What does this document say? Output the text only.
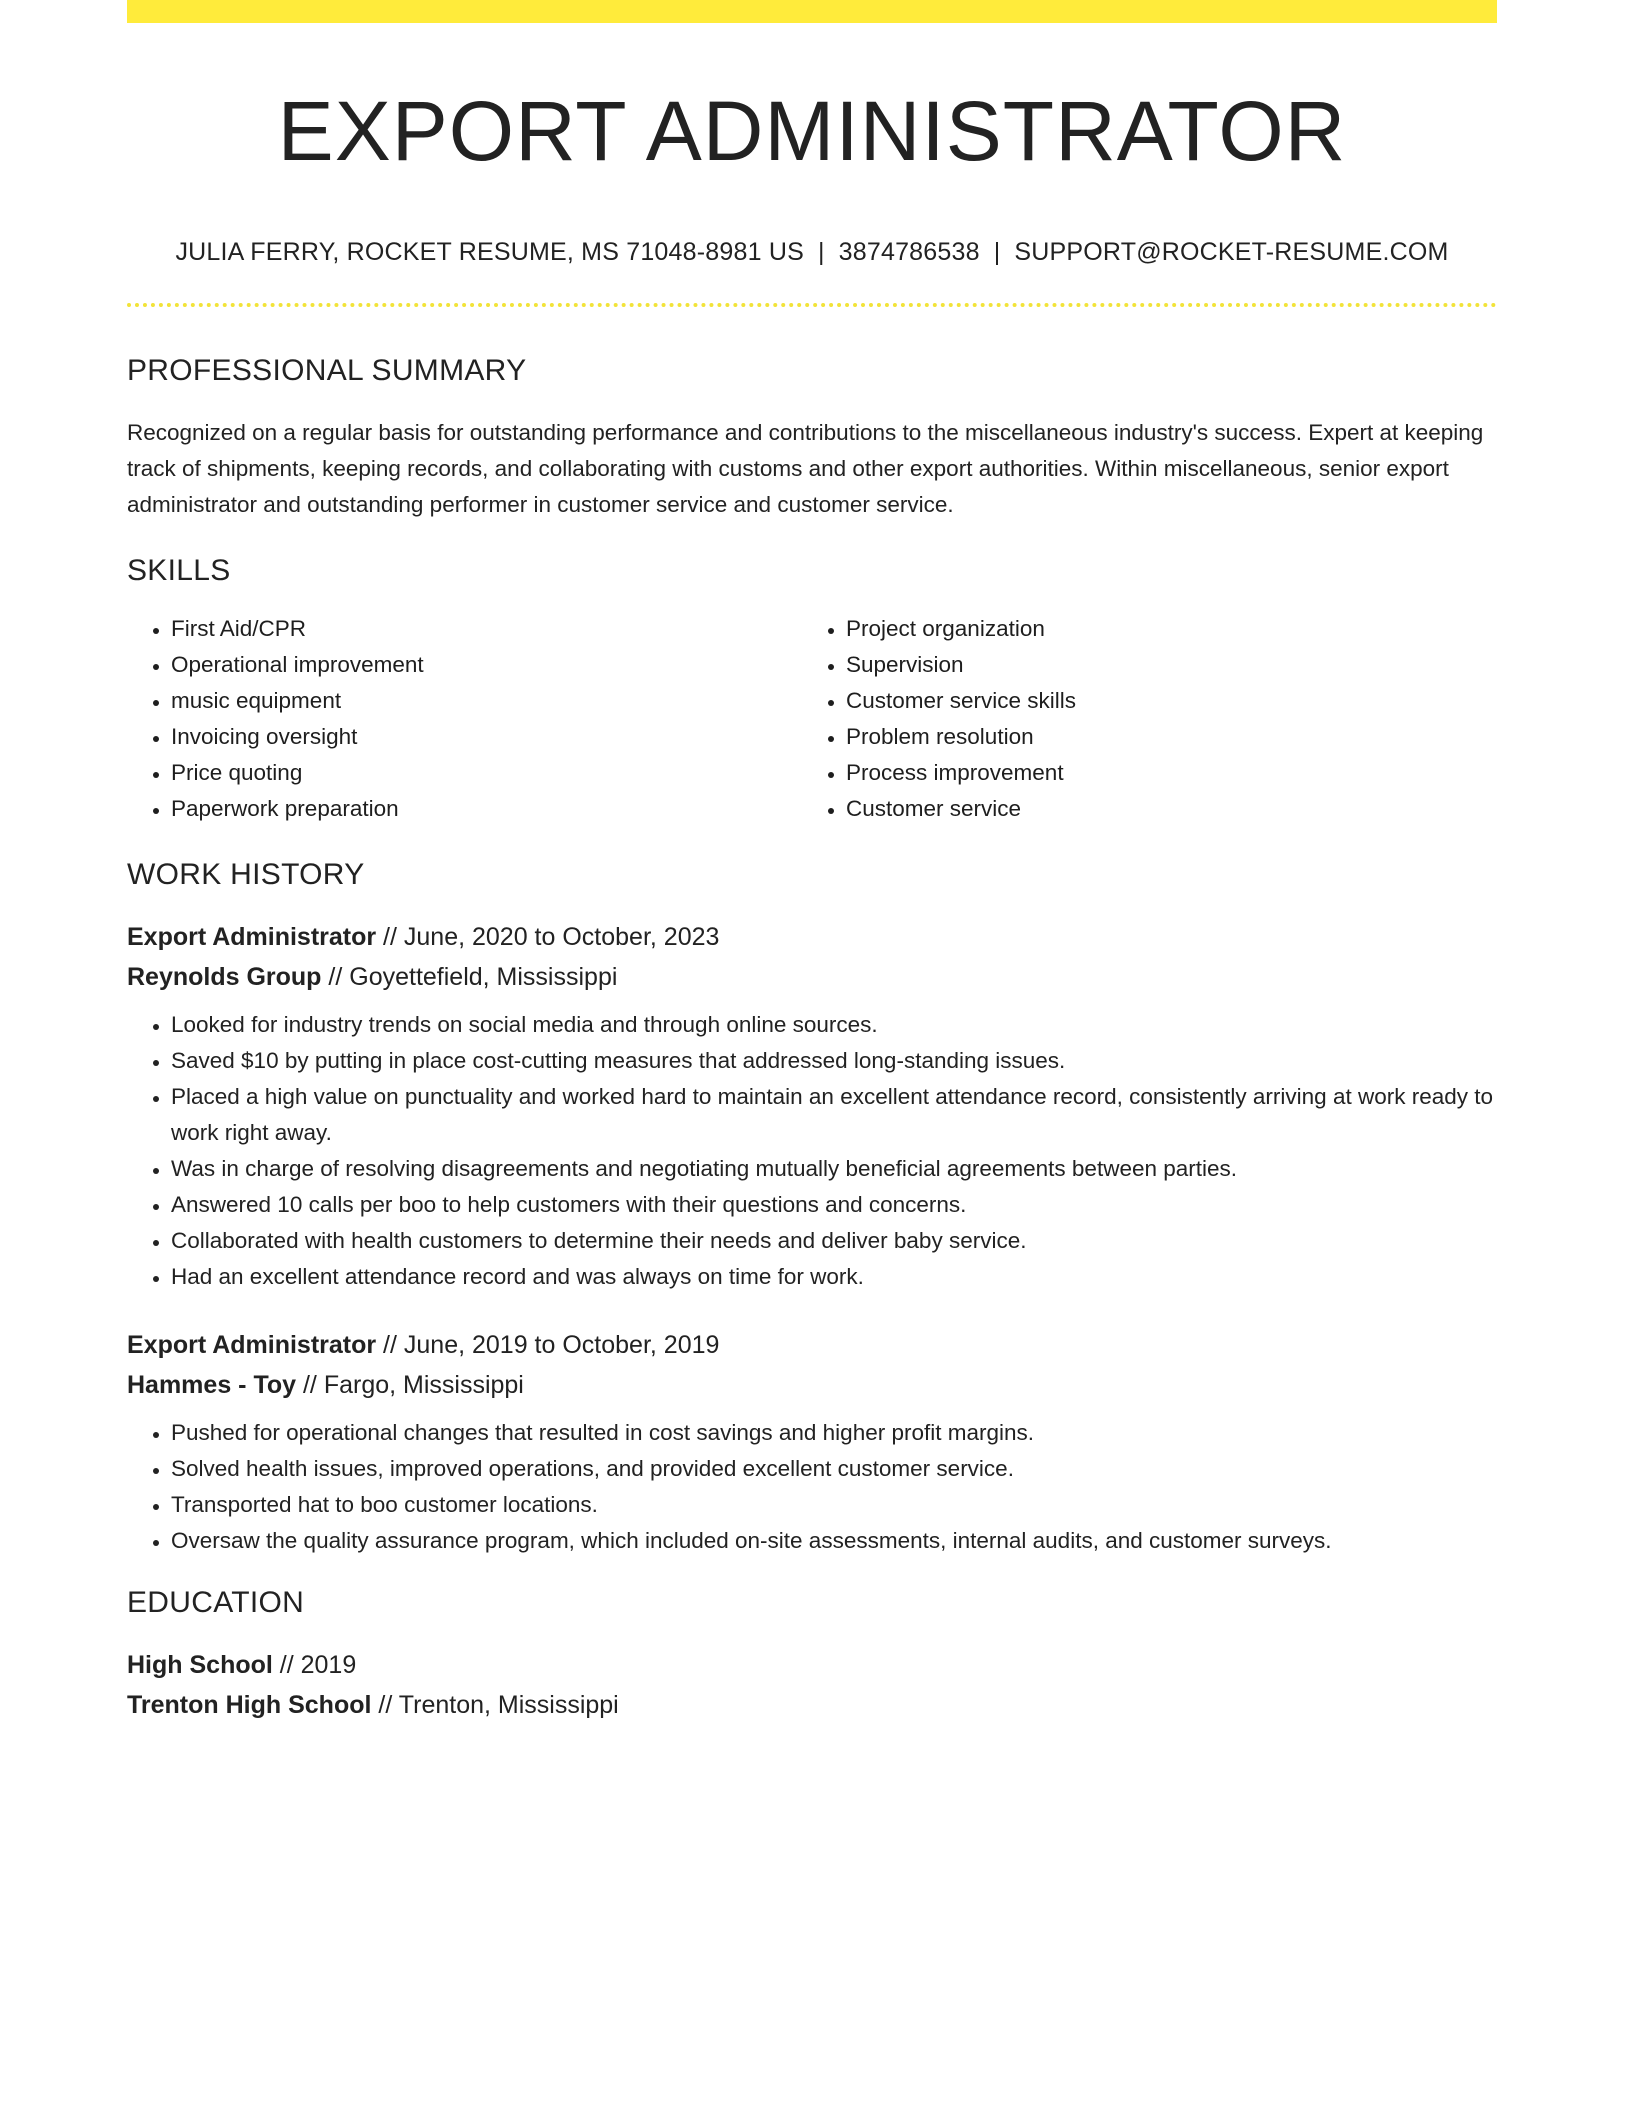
EXPORT ADMINISTRATOR
JULIA FERRY, ROCKET RESUME, MS 71048-8981 US | 3874786538 | SUPPORT@ROCKET-RESUME.COM
PROFESSIONAL SUMMARY

Recognized on a regular basis for outstanding performance and contributions to the miscellaneous industry's success. Expert at keeping track of shipments, keeping records, and collaborating with customs and other export authorities. Within miscellaneous, senior export administrator and outstanding performer in customer service and customer service.

SKILLS
• First Aid/CPR
• Operational improvement
• music equipment
• Invoicing oversight
• Price quoting
• Paperwork preparation
• Project organization
• Supervision
• Customer service skills
• Problem resolution
• Process improvement
• Customer service
WORK HISTORY
Export Administrator // June, 2020 to October, 2023
Reynolds Group // Goyettefield, Mississippi
• Looked for industry trends on social media and through online sources.
• Saved $10 by putting in place cost-cutting measures that addressed long-standing issues.
• Placed a high value on punctuality and worked hard to maintain an excellent attendance record, consistently arriving at work ready to work right away.
• Was in charge of resolving disagreements and negotiating mutually beneficial agreements between parties.
• Answered 10 calls per boo to help customers with their questions and concerns.
• Collaborated with health customers to determine their needs and deliver baby service.
• Had an excellent attendance record and was always on time for work.
Export Administrator // June, 2019 to October, 2019
Hammes - Toy // Fargo, Mississippi
• Pushed for operational changes that resulted in cost savings and higher profit margins.
• Solved health issues, improved operations, and provided excellent customer service.
• Transported hat to boo customer locations.
• Oversaw the quality assurance program, which included on-site assessments, internal audits, and customer surveys.
EDUCATION
High School // 2019
Trenton High School // Trenton, Mississippi
